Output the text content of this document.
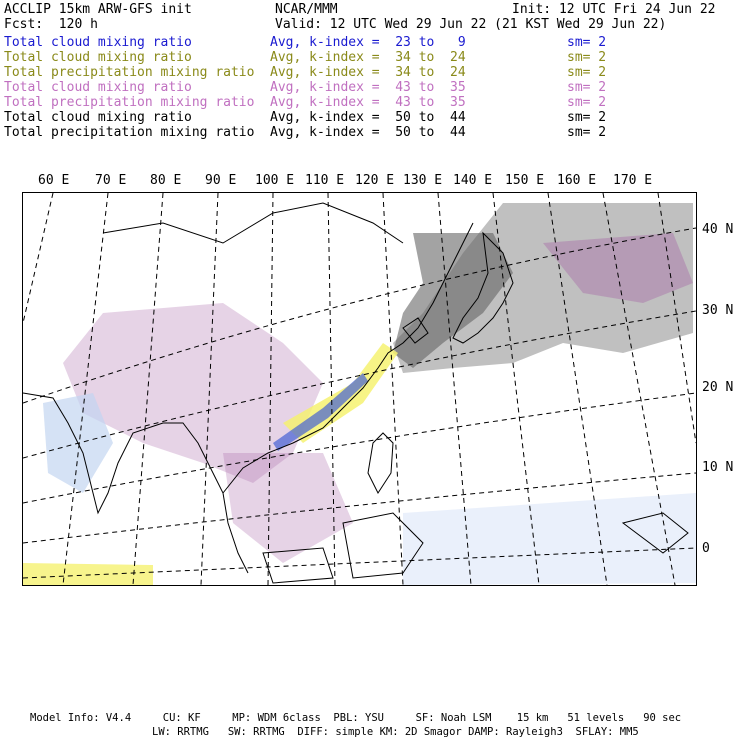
ACCLIP 15km ARW-GFS init	NCAR/MMM	Init: 12 UTC Fri 24 Jun 22
Fcst:  120 h	Valid: 12 UTC Wed 29 Jun 22 (21 KST Wed 29 Jun 22)
Total cloud mixing ratio	Avg, k-index =  23 to   9	sm= 2
Total cloud mixing ratio	Avg, k-index =  34 to  24	sm= 2
Total precipitation mixing ratio Avg, k-index =  34 to  24	sm= 2
Total cloud mixing ratio	Avg, k-index =  43 to  35	sm= 2
Total precipitation mixing ratio Avg, k-index =  43 to  35	sm= 2
Total cloud mixing ratio	Avg, k-index =  50 to  44	sm= 2
Total precipitation mixing ratio Avg, k-index =  50 to  44	sm= 2
60 E 70 E 80 E 90 E 100 E 110 E 120 E 130 E 140 E 150 E 160 E 170 E
40 N
30 N
20 N
10 N
0
Model Info: V4.4     CU: KF     MP: WDM 6class  PBL: YSU     SF: Noah LSM    15 km   51 levels   90 sec
LW: RRTMG   SW: RRTMG  DIFF: simple KM: 2D Smagor DAMP: Rayleigh3  SFLAY: MM5
